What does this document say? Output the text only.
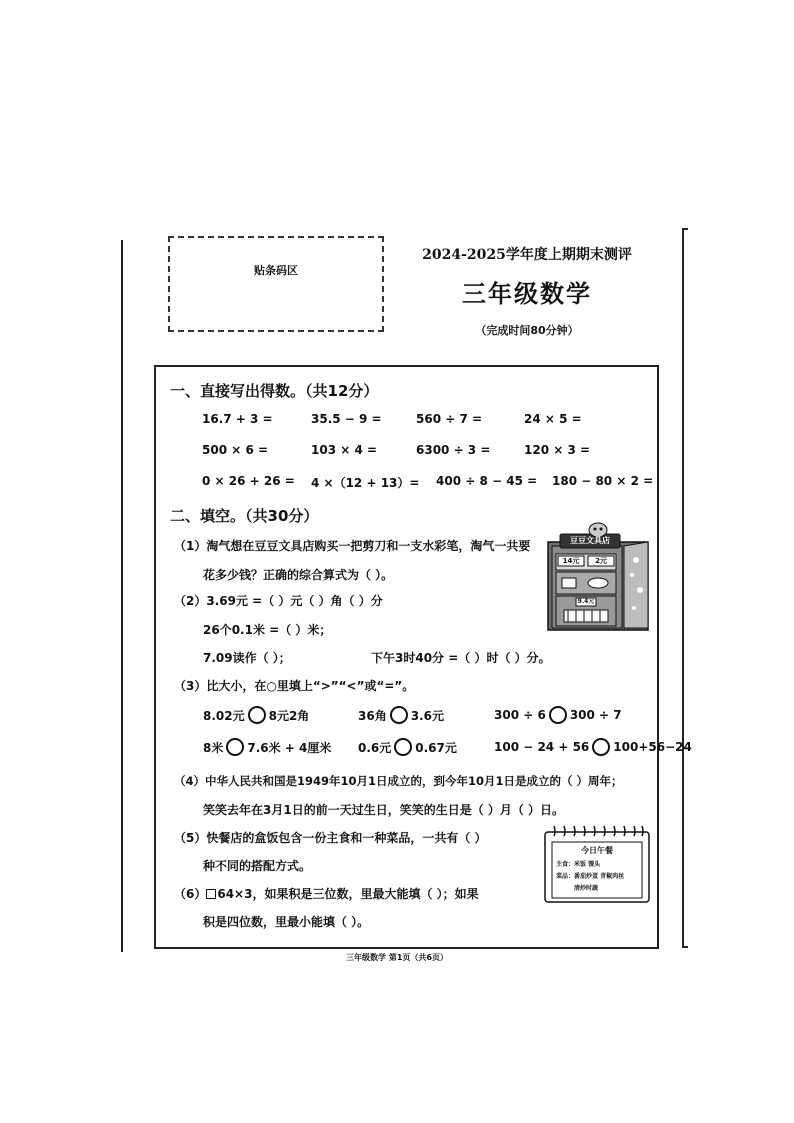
贴条码区
2024-2025学年度上期期末测评
三年级数学
（完成时间80分钟）
一、直接写出得数。（共12分）
16.7 + 3 =	35.5 − 9 =	560 ÷ 7 =	24 × 5 =
500 × 6 =	103 × 4 =	6300 ÷ 3 =	120 × 3 =
0 × 26 + 26 = 4 ×（12 + 13）= 400 ÷ 8 − 45 = 180 − 80 × 2 =
二、填空。（共30分）
（1）淘气想在豆豆文具店购买一把剪刀和一支水彩笔，淘气一共要
花多少钱？正确的综合算式为（ ）。
豆豆文具店
14元	2元
9.4元
（2）3.69元 =（ ）元（ ）角（ ）分
26个0.1米 =（ ）米；
7.09读作（ ）；	下午3时40分 =（ ）时（ ）分。
（3）比大小，在○里填上“>”“<”或“=”。
8.02元 8元2角	36角 3.6元	300 ÷ 6 300 ÷ 7
8米 7.6米 + 4厘米 0.6元 0.67元	100 − 24 + 56 100+56−24
（4）中华人民共和国是1949年10月1日成立的，到今年10月1日是成立的（ ）周年；
笑笑去年在3月1日的前一天过生日，笑笑的生日是（ ）月（ ）日。
（5）快餐店的盒饭包含一份主食和一种菜品，一共有（ ）
种不同的搭配方式。
今日午餐
主食：米饭 馒头
菜品：番茄炒蛋 青椒肉丝
清炒时蔬
（6） 64×3，如果积是三位数，里最大能填（ ）；如果
积是四位数，里最小能填（ ）。
三年级数学 第1页（共6页）
